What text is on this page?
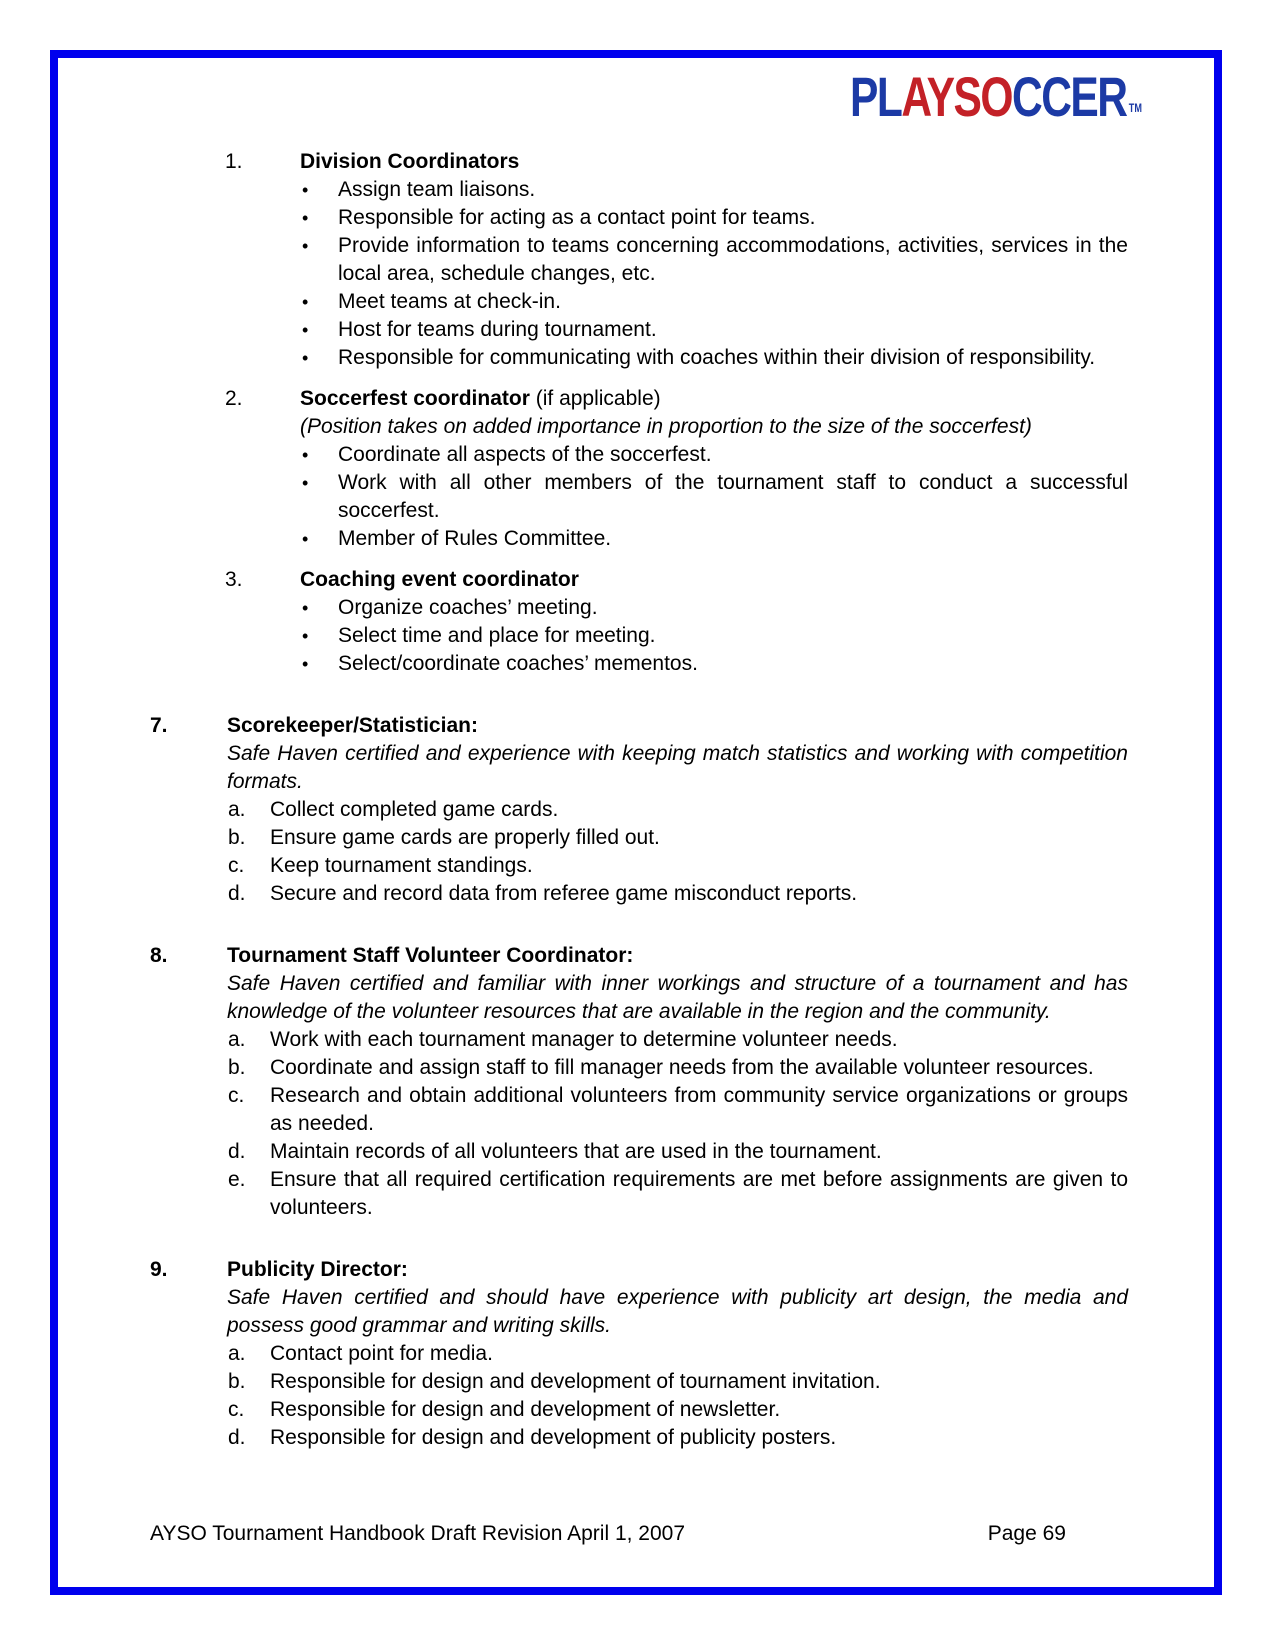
PLAYSOCCER TM
1.	Division Coordinators
• Assign team liaisons.
• Responsible for acting as a contact point for teams.
• Provide information to teams concerning accommodations, activities, services in the local area, schedule changes, etc.
• Meet teams at check-in.
• Host for teams during tournament.
• Responsible for communicating with coaches within their division of responsibility.
2.	Soccerfest coordinator (if applicable)
(Position takes on added importance in proportion to the size of the soccerfest)
• Coordinate all aspects of the soccerfest.
• Work with all other members of the tournament staff to conduct a successful soccerfest.
• Member of Rules Committee.
3.	Coaching event coordinator
• Organize coaches’ meeting.
• Select time and place for meeting.
• Select/coordinate coaches’ mementos.
7.	Scorekeeper/Statistician:
Safe Haven certified and experience with keeping match statistics and working with competition formats.
a. Collect completed game cards.
b. Ensure game cards are properly filled out.
c. Keep tournament standings.
d. Secure and record data from referee game misconduct reports.
8.	Tournament Staff Volunteer Coordinator:
Safe Haven certified and familiar with inner workings and structure of a tournament and has knowledge of the volunteer resources that are available in the region and the community.
a. Work with each tournament manager to determine volunteer needs.
b. Coordinate and assign staff to fill manager needs from the available volunteer resources.
c. Research and obtain additional volunteers from community service organizations or groups as needed.
d. Maintain records of all volunteers that are used in the tournament.
e. Ensure that all required certification requirements are met before assignments are given to volunteers.
9.	Publicity Director:
Safe Haven certified and should have experience with publicity art design, the media and possess good grammar and writing skills.
a. Contact point for media.
b. Responsible for design and development of tournament invitation.
c. Responsible for design and development of newsletter.
d. Responsible for design and development of publicity posters.
AYSO Tournament Handbook Draft Revision April 1, 2007	Page 69
